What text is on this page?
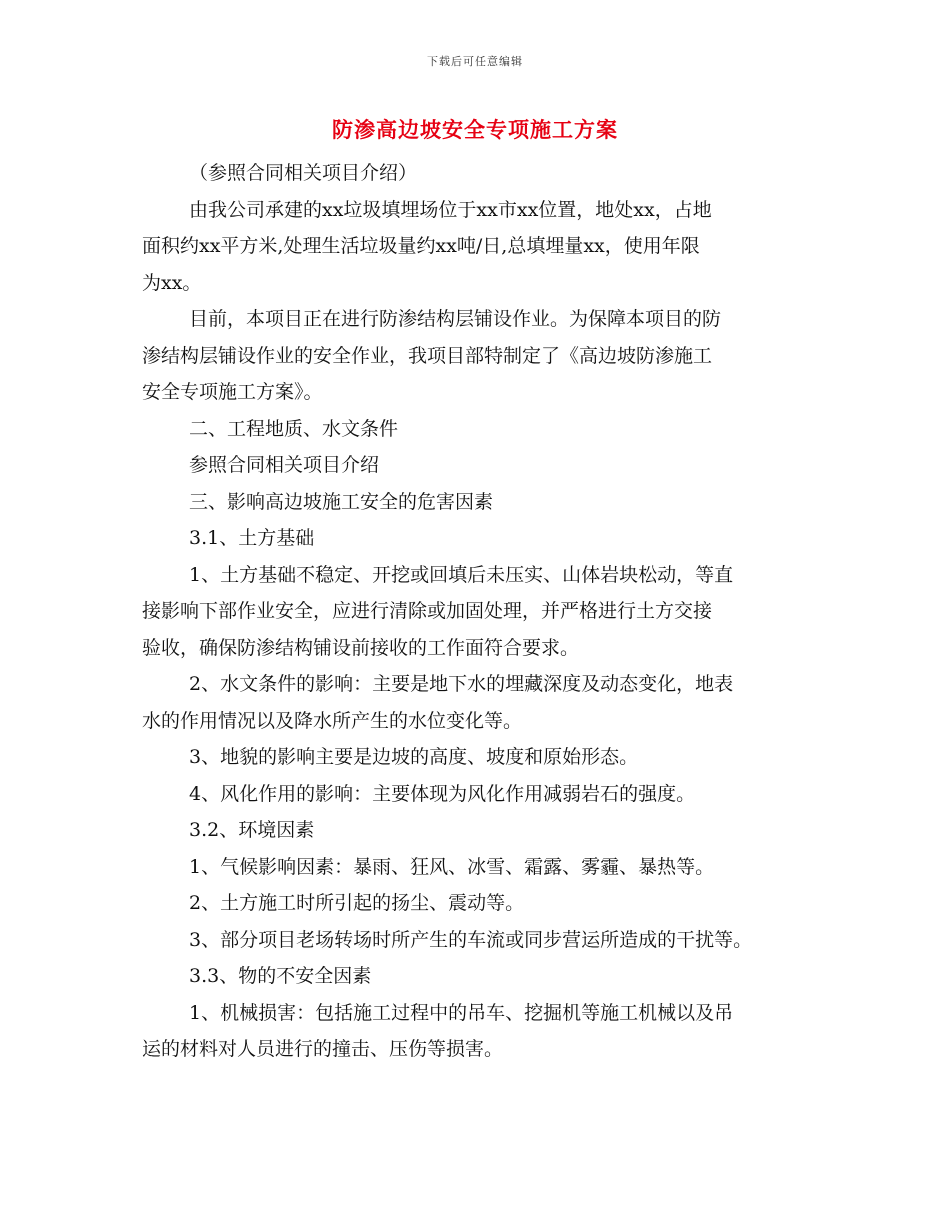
下载后可任意编辑
防渗高边坡安全专项施工方案
（参照合同相关项目介绍）
由我公司承建的xx垃圾填埋场位于xx市xx位置，地处xx，占地
面积约xx平方米,处理生活垃圾量约xx吨/日,总填埋量xx，使用年限
为xx。
目前，本项目正在进行防渗结构层铺设作业。为保障本项目的防
渗结构层铺设作业的安全作业，我项目部特制定了《高边坡防渗施工
安全专项施工方案》。
二、工程地质、水文条件
参照合同相关项目介绍
三、影响高边坡施工安全的危害因素
3.1、土方基础
1、土方基础不稳定、开挖或回填后未压实、山体岩块松动，等直
接影响下部作业安全，应进行清除或加固处理，并严格进行土方交接
验收，确保防渗结构铺设前接收的工作面符合要求。
2、水文条件的影响：主要是地下水的埋藏深度及动态变化，地表
水的作用情况以及降水所产生的水位变化等。
3、地貌的影响主要是边坡的高度、坡度和原始形态。
4、风化作用的影响：主要体现为风化作用减弱岩石的强度。
3.2、环境因素
1、气候影响因素：暴雨、狂风、冰雪、霜露、雾霾、暴热等。
2、土方施工时所引起的扬尘、震动等。
3、部分项目老场转场时所产生的车流或同步营运所造成的干扰等。
3.3、物的不安全因素
1、机械损害：包括施工过程中的吊车、挖掘机等施工机械以及吊
运的材料对人员进行的撞击、压伤等损害。
